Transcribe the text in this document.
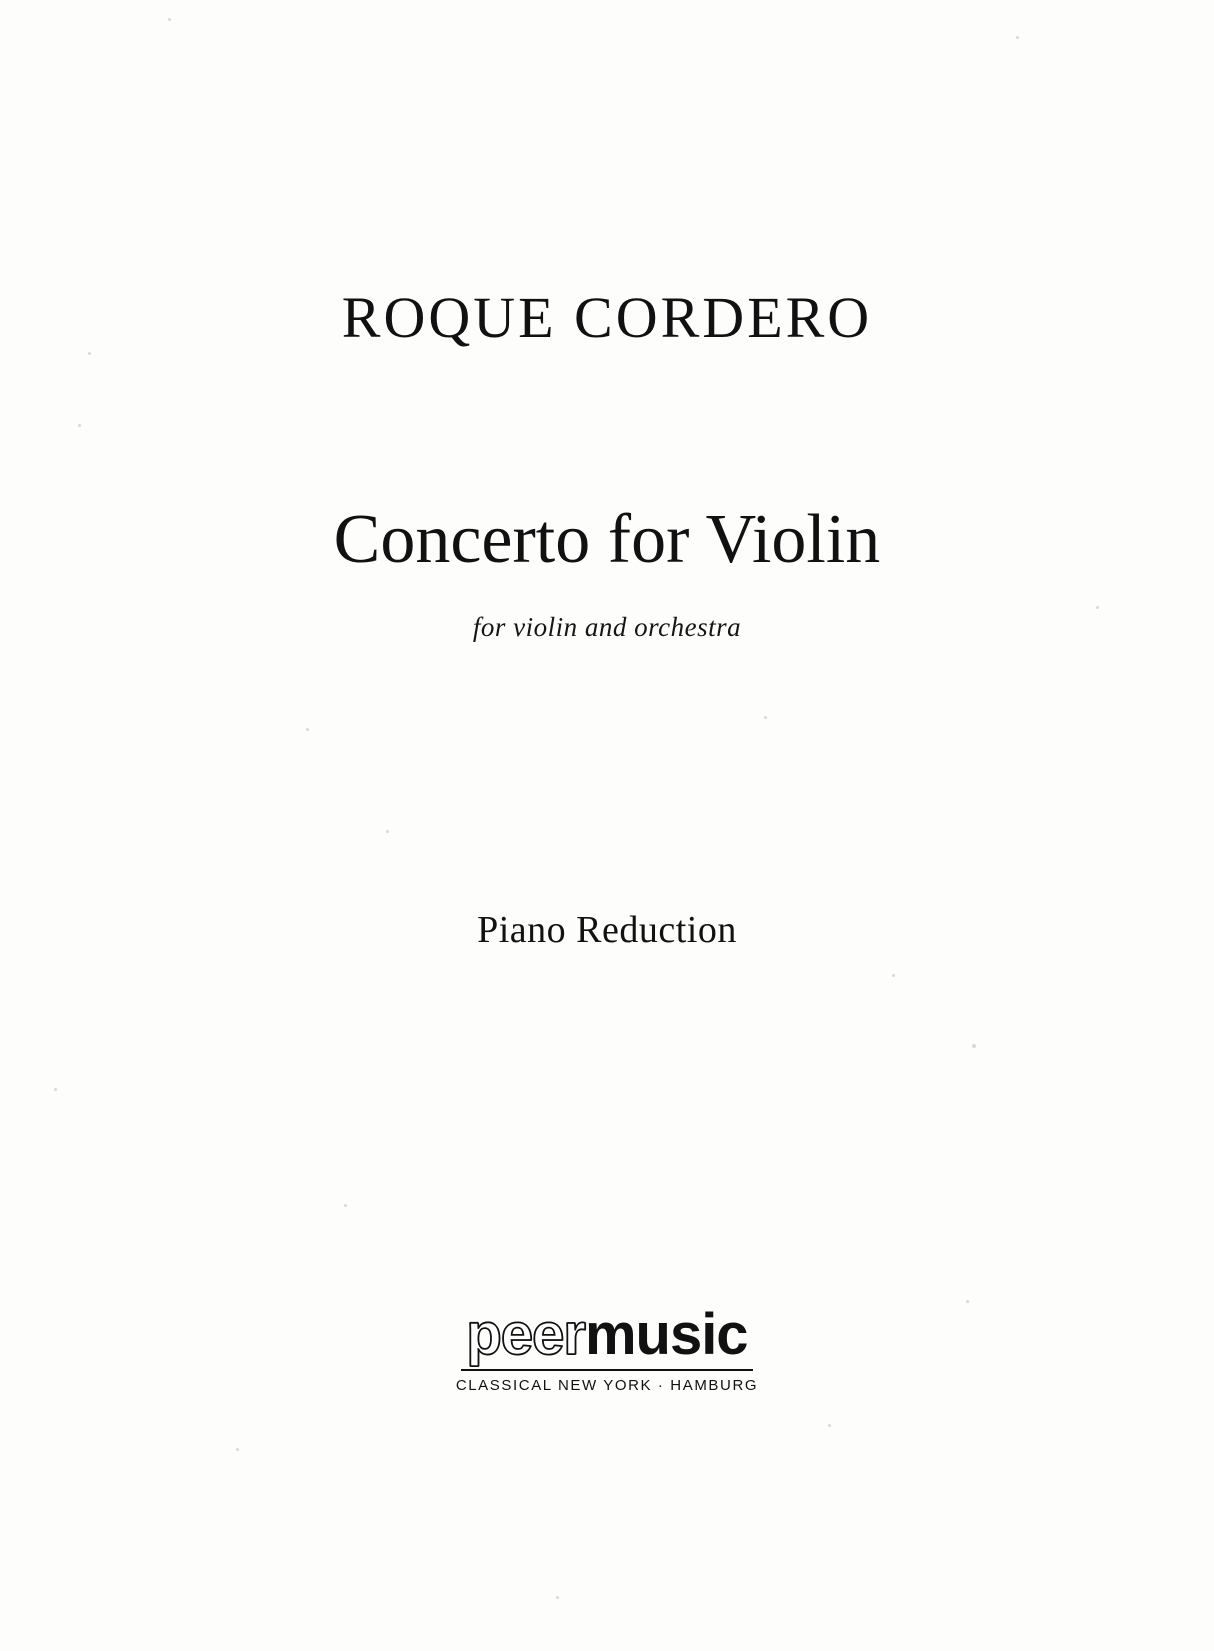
ROQUE CORDERO
Concerto for Violin
for violin and orchestra
Piano Reduction
peer music
CLASSICAL NEW YORK · HAMBURG
